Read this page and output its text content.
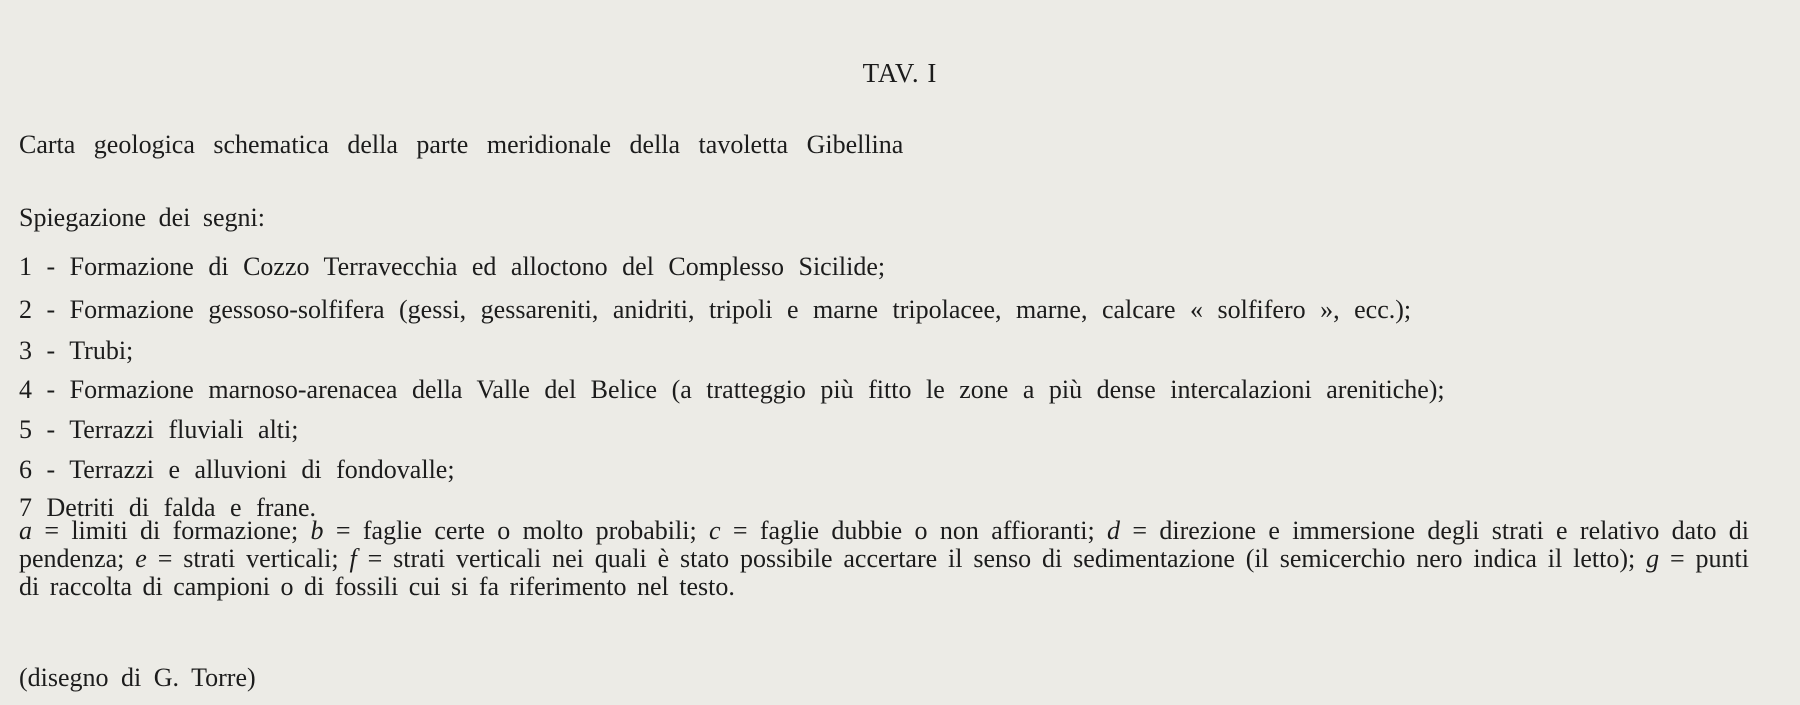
TAV. I
Carta geologica schematica della parte meridionale della tavoletta Gibellina
Spiegazione dei segni:
1 - Formazione di Cozzo Terravecchia ed alloctono del Complesso Sicilide;
2 - Formazione gessoso-solfifera (gessi, gessareniti, anidriti, tripoli e marne tripolacee, marne, calcare « solfifero », ecc.);
3 - Trubi;
4 - Formazione marnoso-arenacea della Valle del Belice (a tratteggio più fitto le zone a più dense intercalazioni arenitiche);
5 - Terrazzi fluviali alti;
6 - Terrazzi e alluvioni di fondovalle;
7 Detriti di falda e frane.
a = limiti di formazione; b = faglie certe o molto probabili; c = faglie dubbie o non affioranti; d = direzione e immersione degli strati e relativo dato di pendenza; e = strati verticali; f = strati verticali nei quali è stato possibile accertare il senso di sedimentazione (il semicerchio nero indica il letto); g = punti di raccolta di campioni o di fossili cui si fa riferimento nel testo.
(disegno di G. Torre)
